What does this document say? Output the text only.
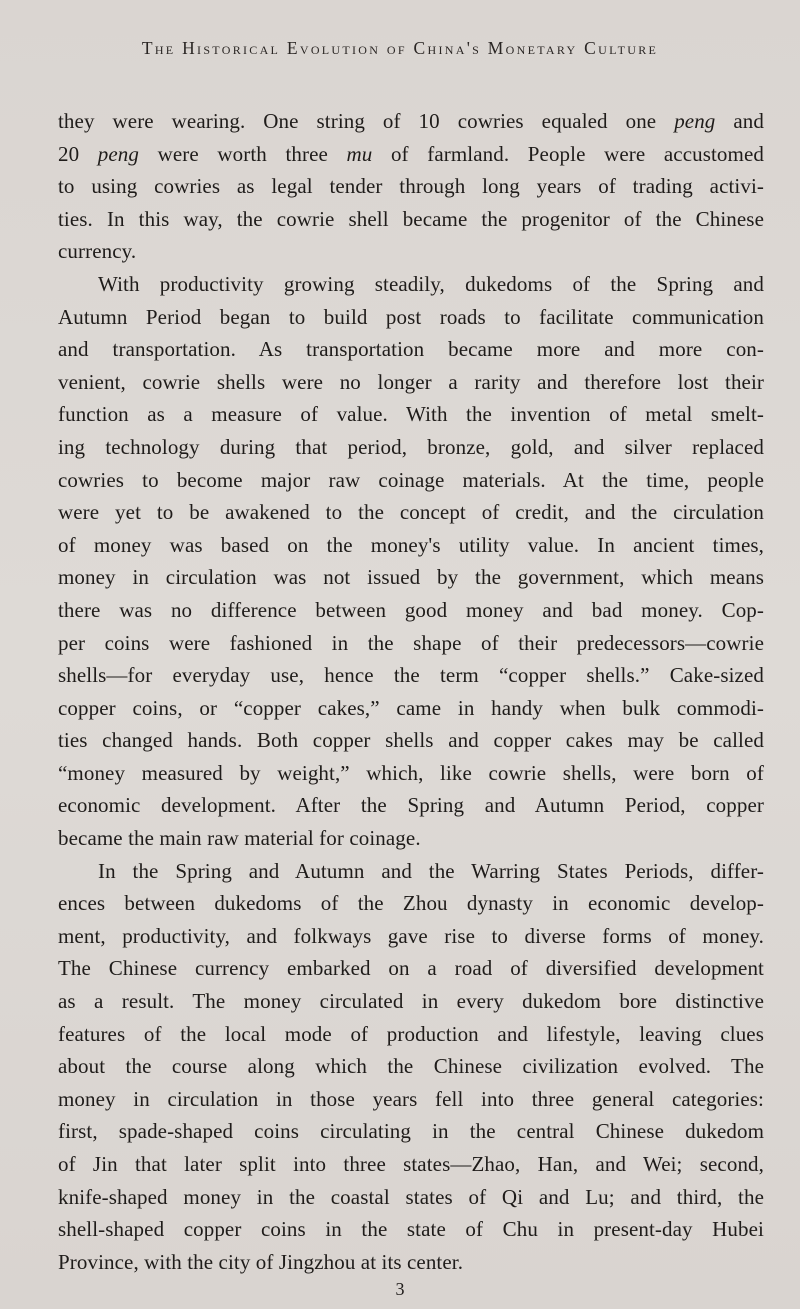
The Historical Evolution of China's Monetary Culture
they were wearing. One string of 10 cowries equaled one peng and
20 peng were worth three mu of farmland. People were accustomed
to using cowries as legal tender through long years of trading activi-
ties. In this way, the cowrie shell became the progenitor of the Chinese
currency.
With productivity growing steadily, dukedoms of the Spring and
Autumn Period began to build post roads to facilitate communication
and transportation. As transportation became more and more con-
venient, cowrie shells were no longer a rarity and therefore lost their
function as a measure of value. With the invention of metal smelt-
ing technology during that period, bronze, gold, and silver replaced
cowries to become major raw coinage materials. At the time, people
were yet to be awakened to the concept of credit, and the circulation
of money was based on the money's utility value. In ancient times,
money in circulation was not issued by the government, which means
there was no difference between good money and bad money. Cop-
per coins were fashioned in the shape of their predecessors—cowrie
shells—for everyday use, hence the term “copper shells.” Cake-sized
copper coins, or “copper cakes,” came in handy when bulk commodi-
ties changed hands. Both copper shells and copper cakes may be called
“money measured by weight,” which, like cowrie shells, were born of
economic development. After the Spring and Autumn Period, copper
became the main raw material for coinage.
In the Spring and Autumn and the Warring States Periods, differ-
ences between dukedoms of the Zhou dynasty in economic develop-
ment, productivity, and folkways gave rise to diverse forms of money.
The Chinese currency embarked on a road of diversified development
as a result. The money circulated in every dukedom bore distinctive
features of the local mode of production and lifestyle, leaving clues
about the course along which the Chinese civilization evolved. The
money in circulation in those years fell into three general categories:
first, spade-shaped coins circulating in the central Chinese dukedom
of Jin that later split into three states—Zhao, Han, and Wei; second,
knife-shaped money in the coastal states of Qi and Lu; and third, the
shell-shaped copper coins in the state of Chu in present-day Hubei
Province, with the city of Jingzhou at its center.
3
